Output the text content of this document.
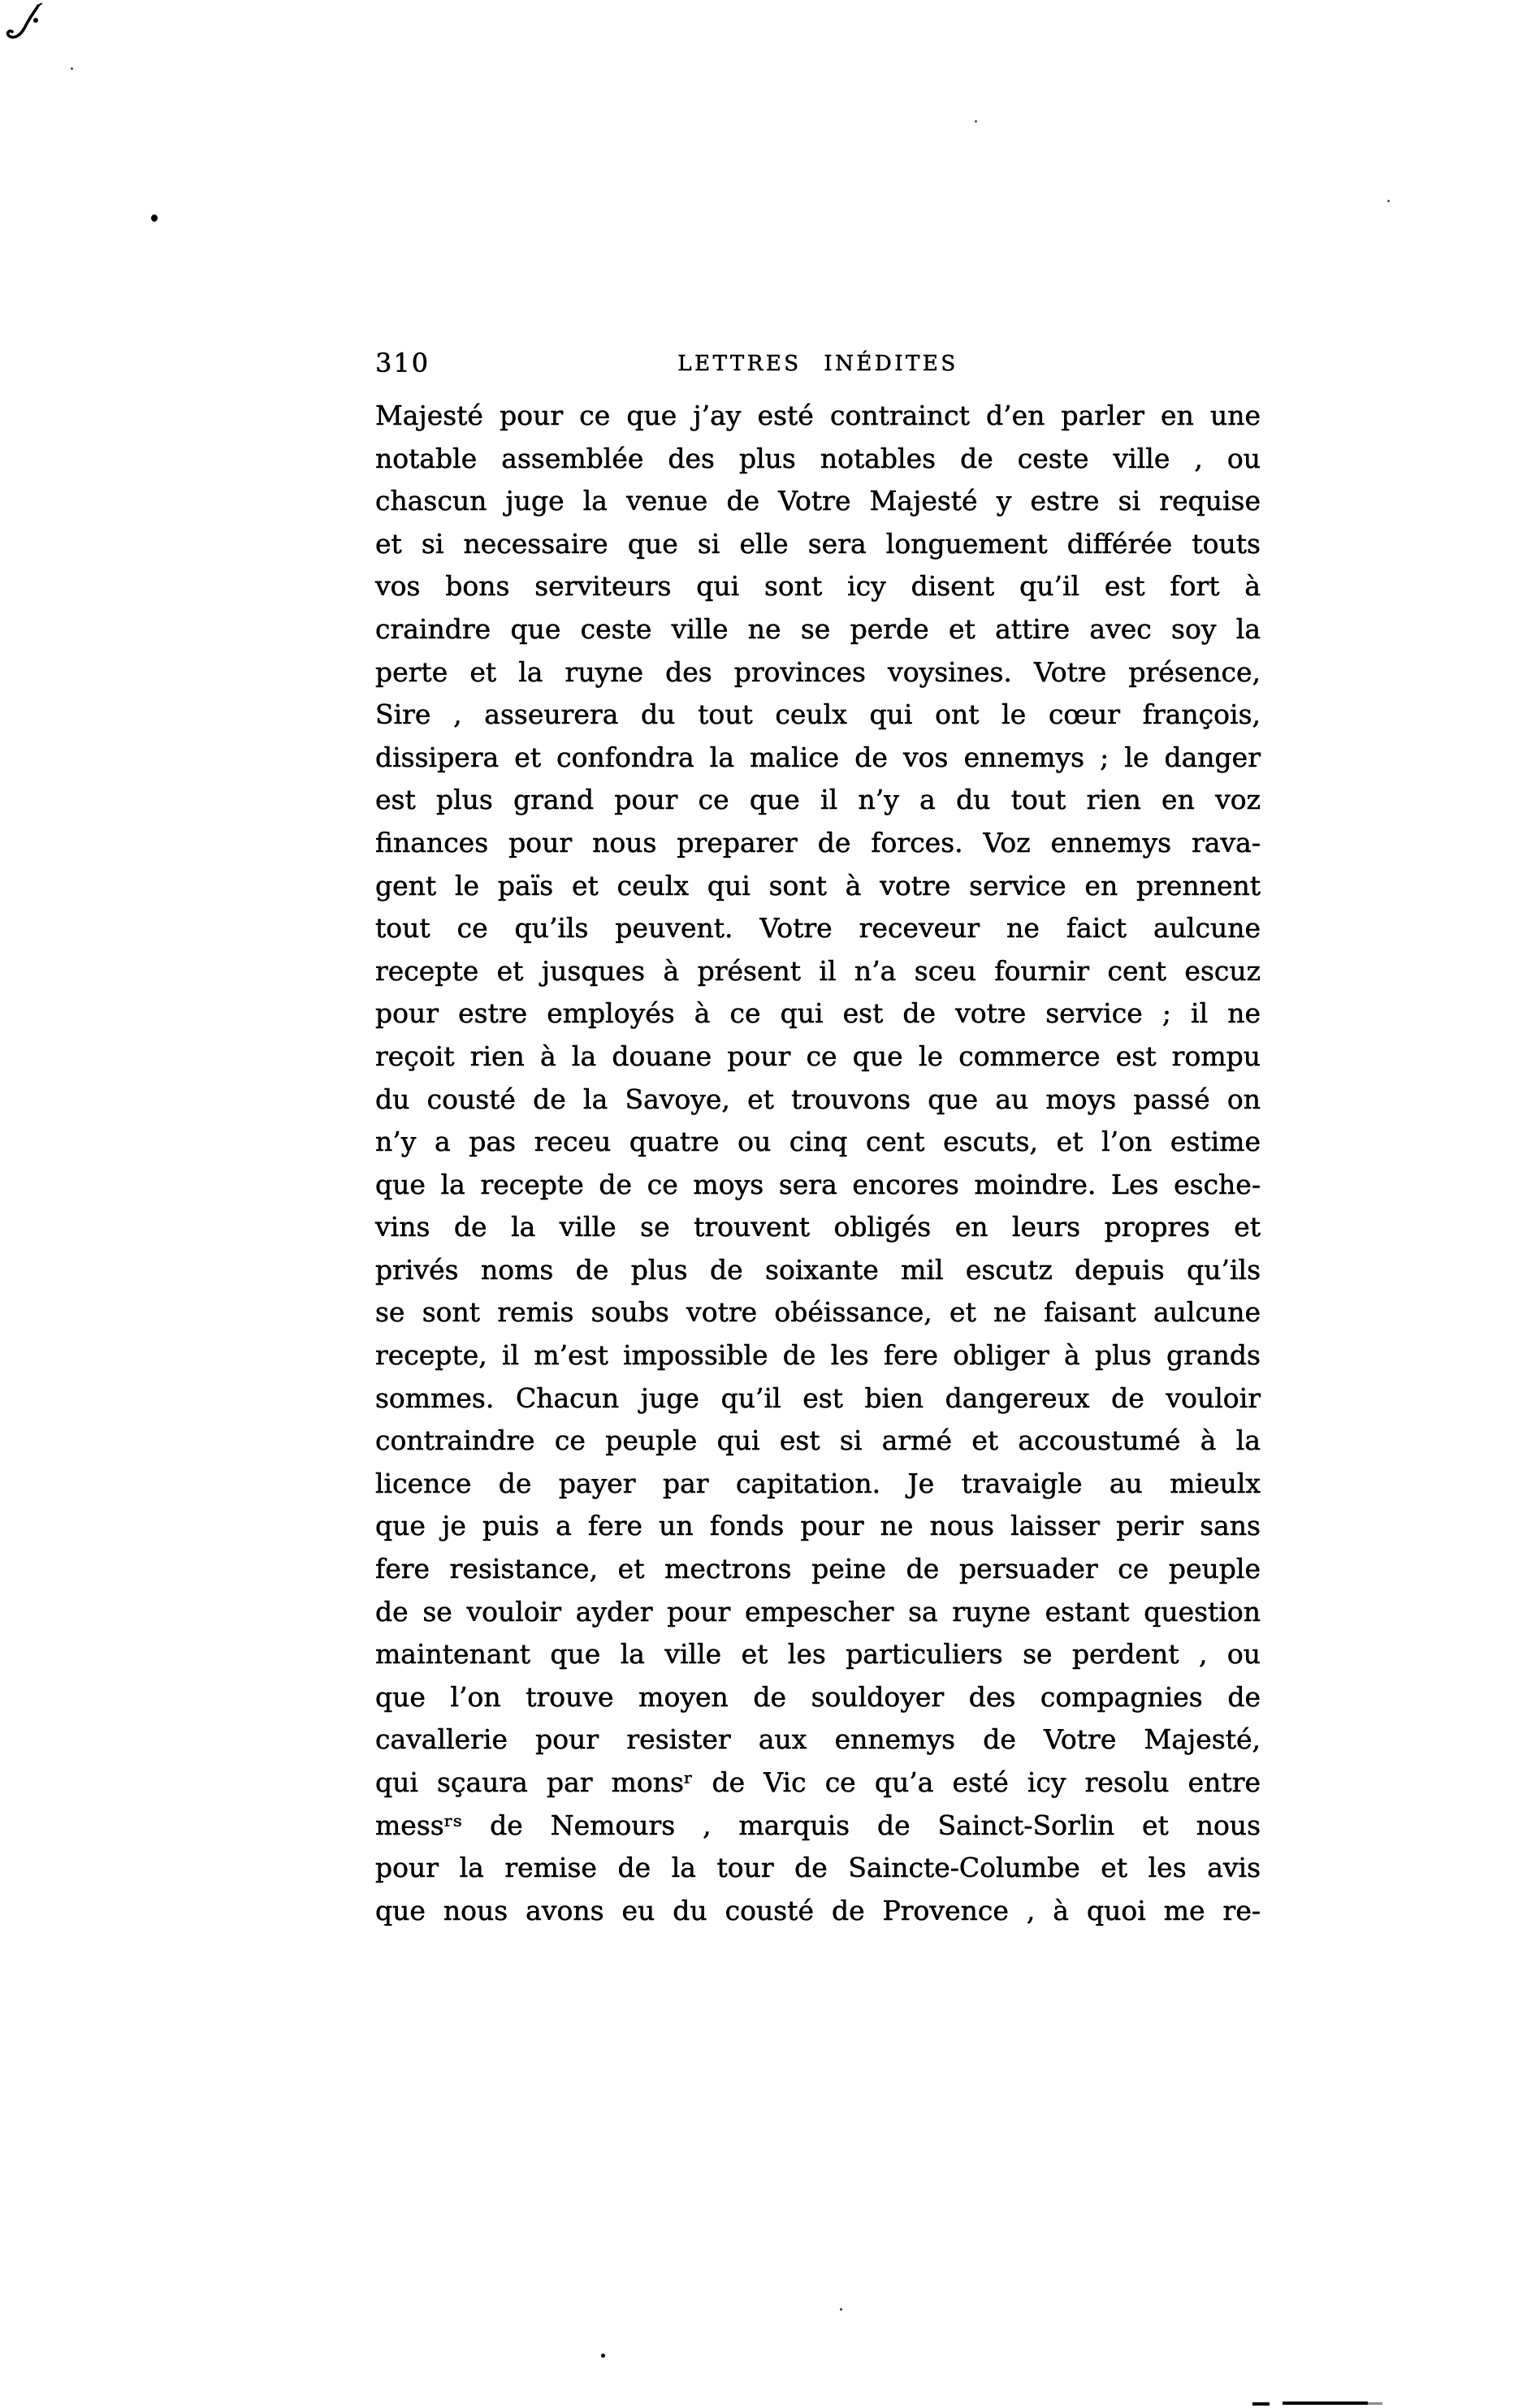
310	LETTRES INÉDITES
Majesté pour ce que j’ay esté contrainct d’en parler en une
notable assemblée des plus notables de ceste ville , ou
chascun juge la venue de Votre Majesté y estre si requise
et si necessaire que si elle sera longuement différée touts
vos bons serviteurs qui sont icy disent qu’il est fort à
craindre que ceste ville ne se perde et attire avec soy la
perte et la ruyne des provinces voysines. Votre présence,
Sire , asseurera du tout ceulx qui ont le cœur françois,
dissipera et confondra la malice de vos ennemys ; le danger
est plus grand pour ce que il n’y a du tout rien en voz
finances pour nous preparer de forces. Voz ennemys rava-
gent le païs et ceulx qui sont à votre service en prennent
tout ce qu’ils peuvent. Votre receveur ne faict aulcune
recepte et jusques à présent il n’a sceu fournir cent escuz
pour estre employés à ce qui est de votre service ; il ne
reçoit rien à la douane pour ce que le commerce est rompu
du cousté de la Savoye, et trouvons que au moys passé on
n’y a pas receu quatre ou cinq cent escuts, et l’on estime
que la recepte de ce moys sera encores moindre. Les esche-
vins de la ville se trouvent obligés en leurs propres et
privés noms de plus de soixante mil escutz depuis qu’ils
se sont remis soubs votre obéissance, et ne faisant aulcune
recepte, il m’est impossible de les fere obliger à plus grands
sommes. Chacun juge qu’il est bien dangereux de vouloir
contraindre ce peuple qui est si armé et accoustumé à la
licence de payer par capitation. Je travaigle au mieulx
que je puis a fere un fonds pour ne nous laisser perir sans
fere resistance, et mectrons peine de persuader ce peuple
de se vouloir ayder pour empescher sa ruyne estant question
maintenant que la ville et les particuliers se perdent , ou
que l’on trouve moyen de souldoyer des compagnies de
cavallerie pour resister aux ennemys de Votre Majesté,
qui sçaura par monsʳ de Vic ce qu’a esté icy resolu entre
messʳˢ de Nemours , marquis de Sainct-Sorlin et nous
pour la remise de la tour de Saincte-Columbe et les avis
que nous avons eu du cousté de Provence , à quoi me re-
